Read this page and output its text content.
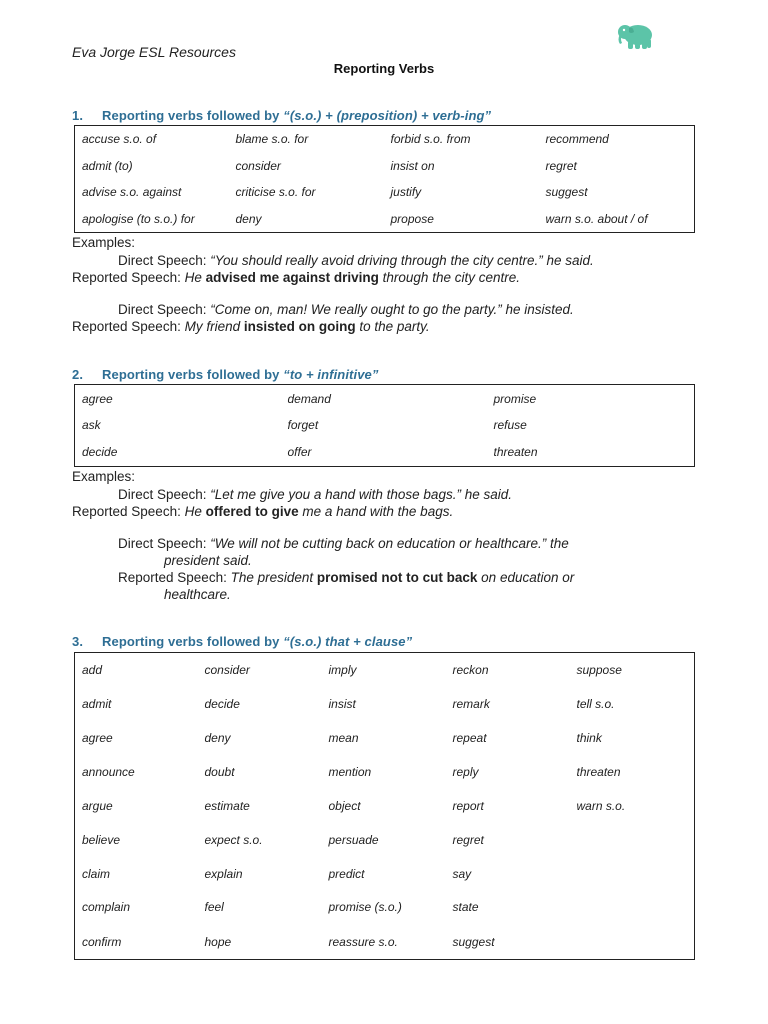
Eva Jorge ESL Resources
Reporting Verbs
1. Reporting verbs followed by “(s.o.) + (preposition) + verb-ing”
accuse s.o. of	blame s.o. for	forbid s.o. from	recommend
admit (to)	consider	insist on	regret
advise s.o. against	criticise s.o. for	justify	suggest
apologise (to s.o.) for	deny	propose	warn s.o. about / of
Examples:
Direct Speech: “You should really avoid driving through the city centre.” he said.
Reported Speech: He advised me against driving through the city centre.
Direct Speech: “Come on, man! We really ought to go the party.” he insisted.
Reported Speech: My friend insisted on going to the party.
2. Reporting verbs followed by “to + infinitive”
agree	demand	promise
ask	forget	refuse
decide	offer	threaten
Examples:
Direct Speech: “Let me give you a hand with those bags.” he said.
Reported Speech: He offered to give me a hand with the bags.
Direct Speech: “We will not be cutting back on education or healthcare.” the
president said.
Reported Speech: The president promised not to cut back on education or
healthcare.
3. Reporting verbs followed by “(s.o.) that + clause”
add	consider	imply	reckon	suppose
admit	decide	insist	remark	tell s.o.
agree	deny	mean	repeat	think
announce	doubt	mention	reply	threaten
argue	estimate	object	report	warn s.o.
believe	expect s.o.	persuade	regret	
claim	explain	predict	say	
complain	feel	promise (s.o.)	state	
confirm	hope	reassure s.o.	suggest	
